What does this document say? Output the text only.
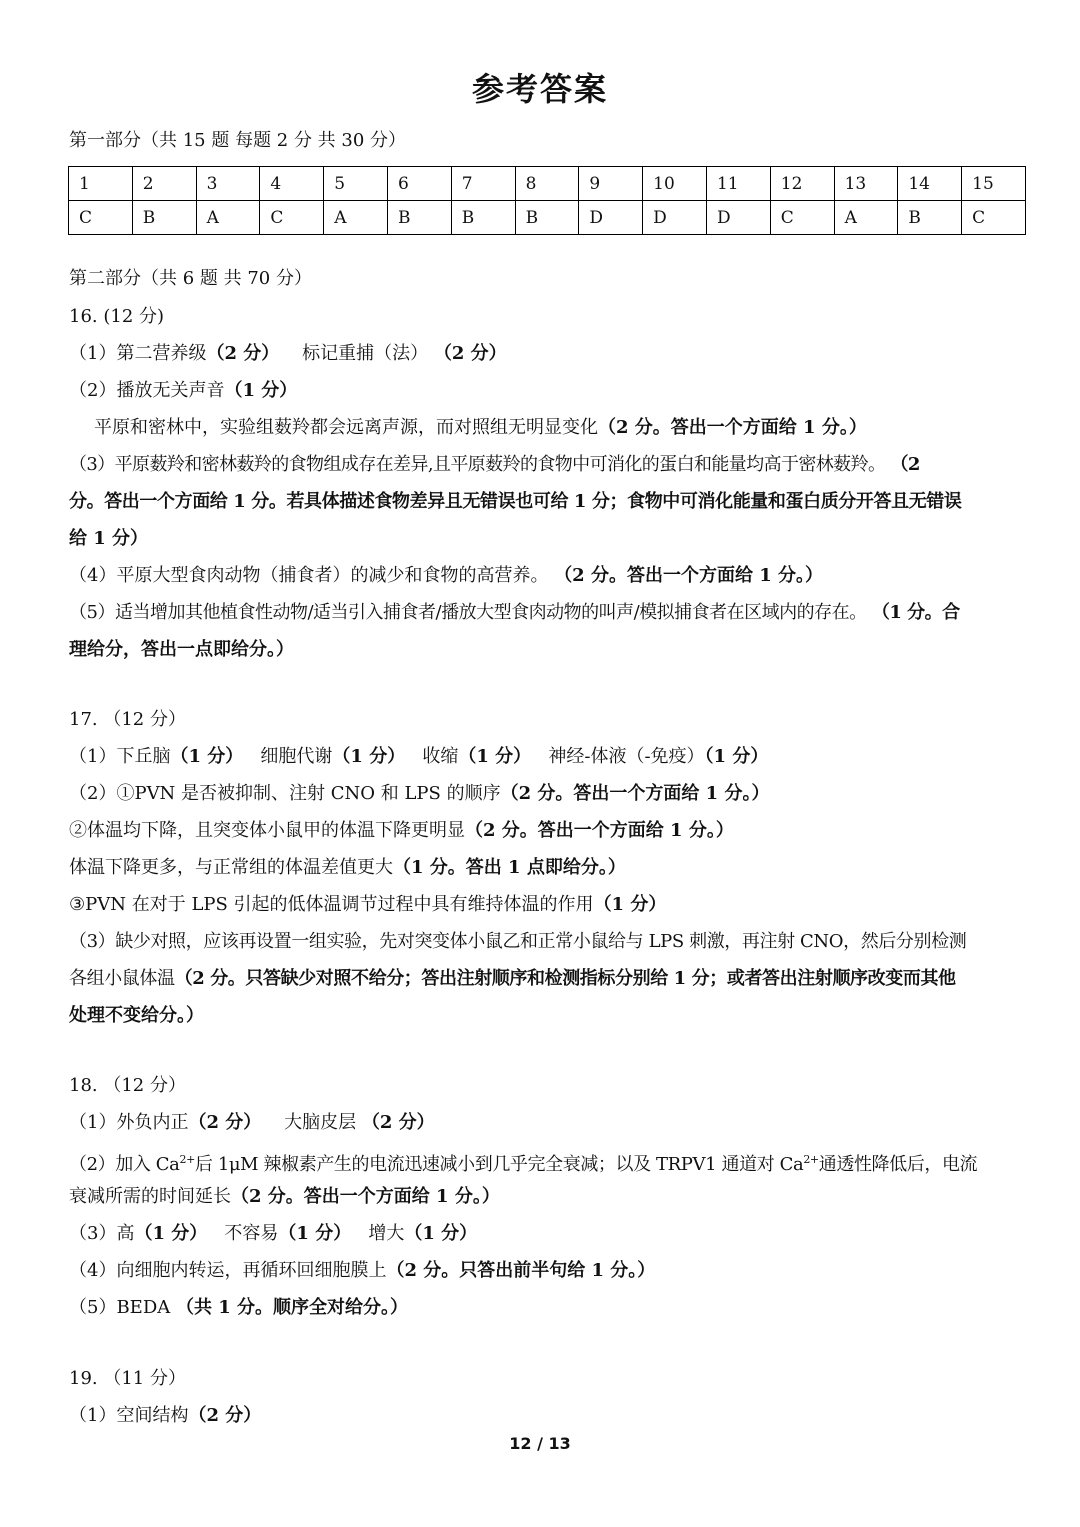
参考答案
第一部分（共 15 题 每题 2 分 共 30 分）
1	2	3	4	5	6	7	8	9	10	11	12	13	14	15
C	B	A	C	A	B	B	B	D	D	D	C	A	B	C
第二部分（共 6 题 共 70 分）
16. (12 分)
（1）第二营养级（2 分） 标记重捕（法） （2 分）
（2）播放无关声音（1 分）
平原和密林中，实验组薮羚都会远离声源，而对照组无明显变化（2 分。答出一个方面给 1 分。）
（3）平原薮羚和密林薮羚的食物组成存在差异,且平原薮羚的食物中可消化的蛋白和能量均高于密林薮羚。 （2
分。答出一个方面给 1 分。若具体描述食物差异且无错误也可给 1 分；食物中可消化能量和蛋白质分开答且无错误
给 1 分）
（4）平原大型食肉动物（捕食者）的减少和食物的高营养。 （2 分。答出一个方面给 1 分。）
（5）适当增加其他植食性动物/适当引入捕食者/播放大型食肉动物的叫声/模拟捕食者在区域内的存在。 （1 分。合
理给分，答出一点即给分。）
17. （12 分）
（1）下丘脑（1 分） 细胞代谢（1 分） 收缩（1 分） 神经-体液（-免疫）（1 分）
（2）①PVN 是否被抑制、注射 CNO 和 LPS 的顺序（2 分。答出一个方面给 1 分。）
②体温均下降，且突变体小鼠甲的体温下降更明显（2 分。答出一个方面给 1 分。）
体温下降更多，与正常组的体温差值更大（1 分。答出 1 点即给分。）
③PVN 在对于 LPS 引起的低体温调节过程中具有维持体温的作用（1 分）
（3）缺少对照，应该再设置一组实验，先对突变体小鼠乙和正常小鼠给与 LPS 刺激，再注射 CNO，然后分别检测
各组小鼠体温（2 分。只答缺少对照不给分；答出注射顺序和检测指标分别给 1 分；或者答出注射顺序改变而其他
处理不变给分。）
18. （12 分）
（1）外负内正（2 分） 大脑皮层 （2 分）
（2）加入 $Ca^{2+}$后 1μM 辣椒素产生的电流迅速减小到几乎完全衰减；以及 TRPV1 通道对 $Ca^{2+}$通透性降低后，电流
衰减所需的时间延长（2 分。答出一个方面给 1 分。）
（3）高（1 分） 不容易（1 分） 增大（1 分）
（4）向细胞内转运，再循环回细胞膜上（2 分。只答出前半句给 1 分。）
（5）BEDA （共 1 分。顺序全对给分。）
19. （11 分）
（1）空间结构（2 分）
12 / 13
